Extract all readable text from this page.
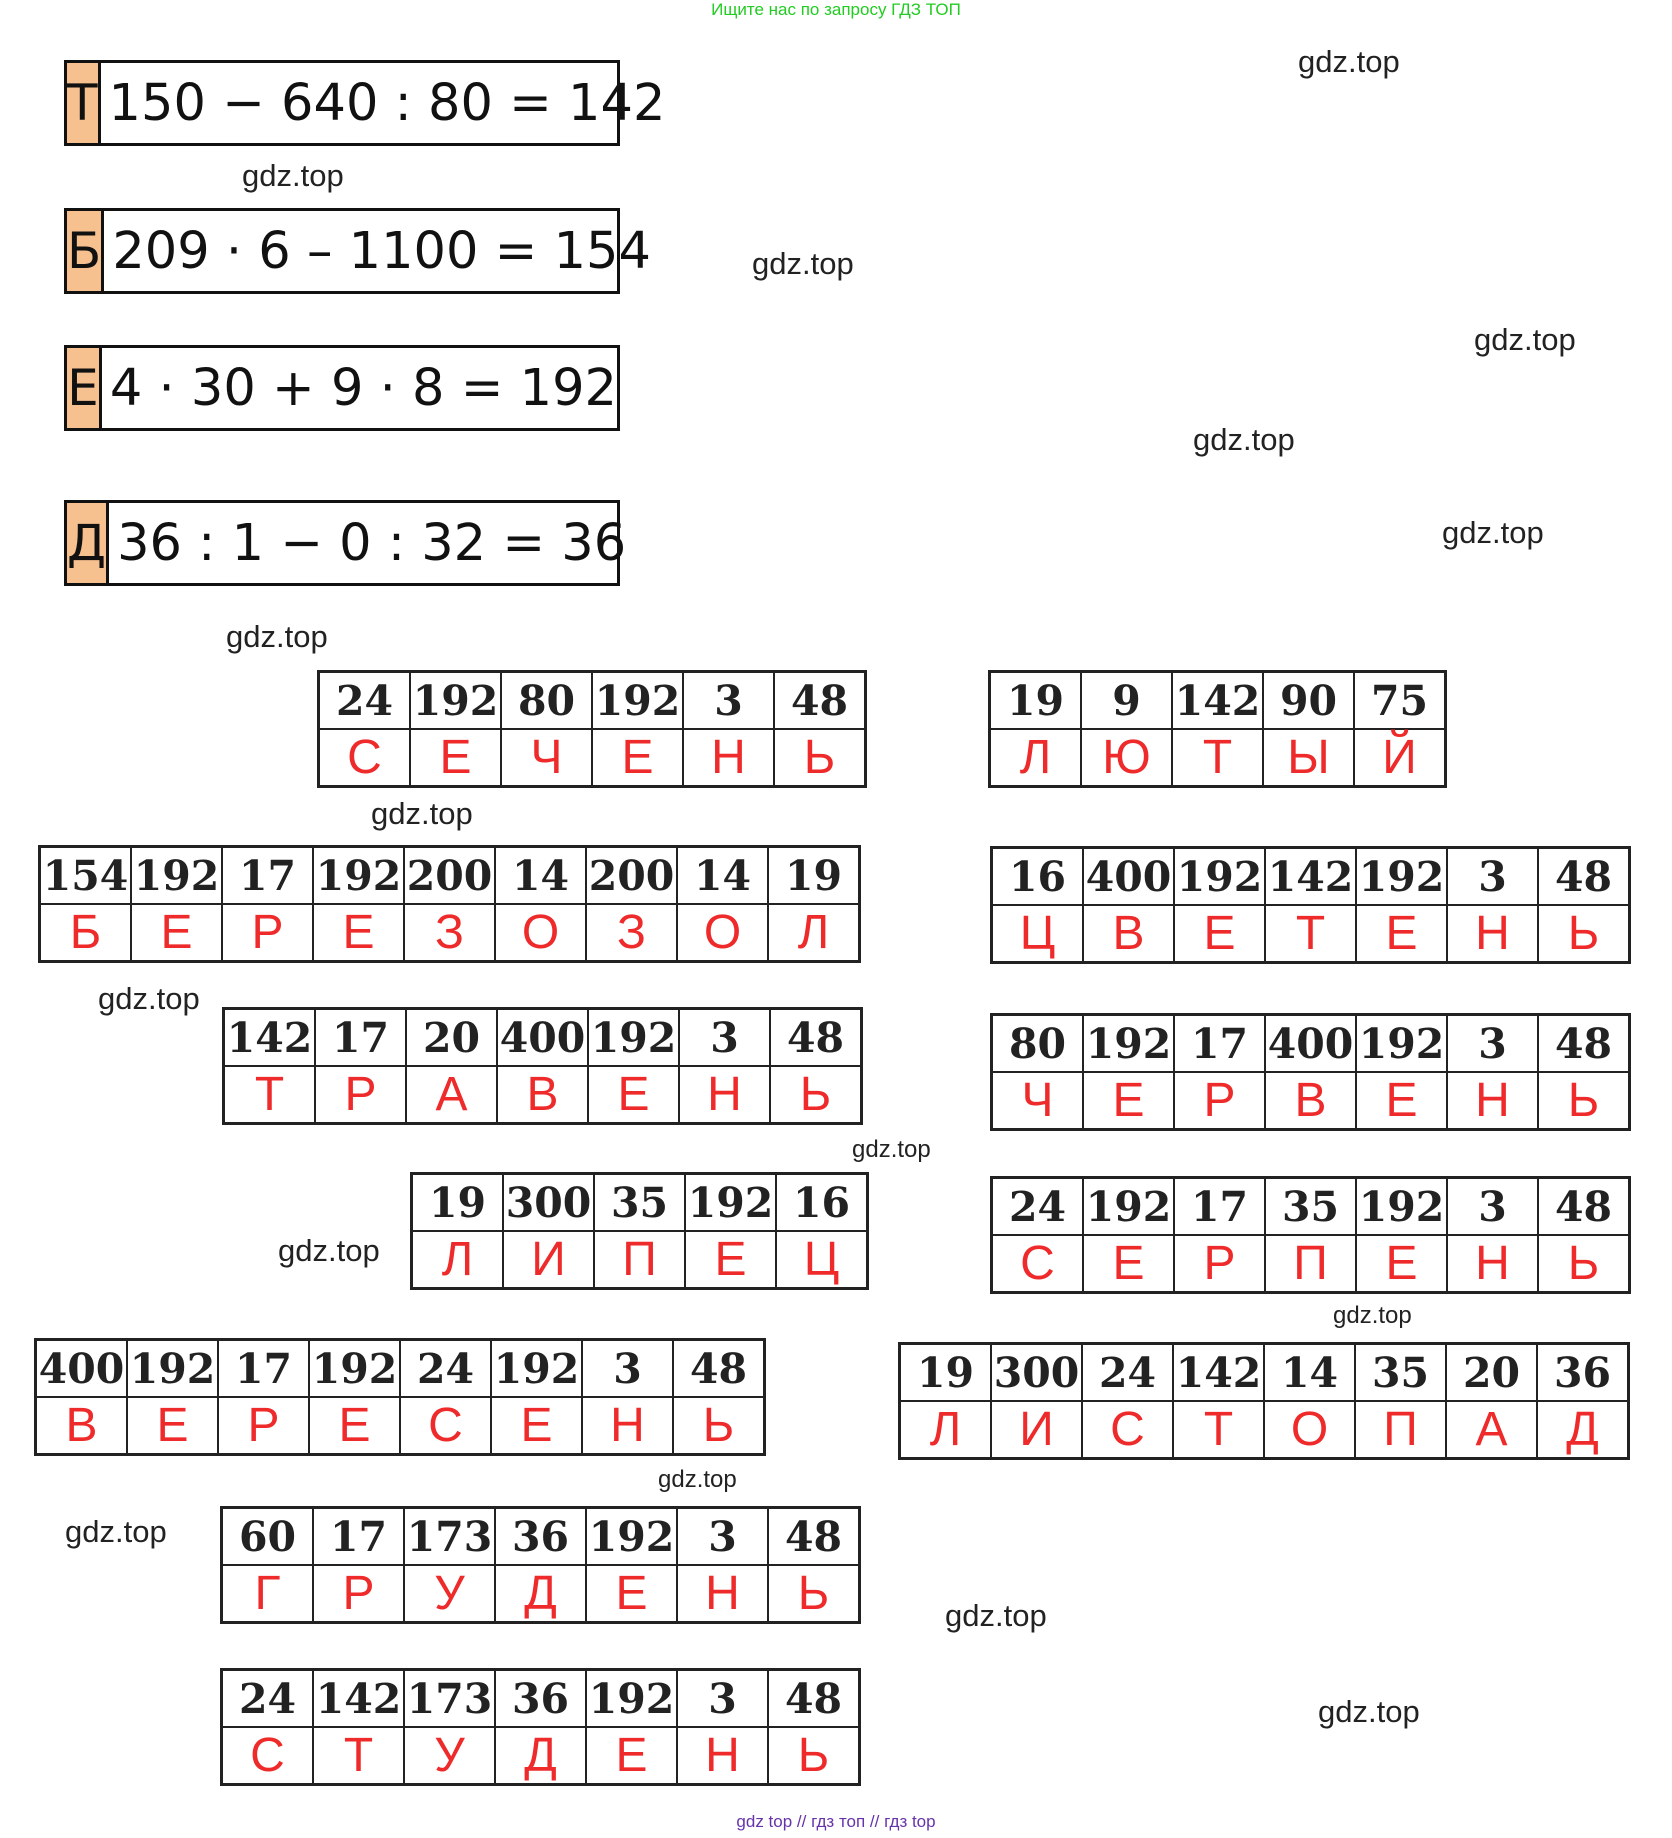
Ищите нас по запросу ГДЗ ТОП
Т 150 − 640 : 80 = 142
Б 209 · 6 – 1100 = 154
Е 4 · 30 + 9 · 8 = 192
Д 36 : 1 − 0 : 32 = 36
gdz.top
gdz.top
gdz.top
gdz.top
gdz.top
gdz.top
gdz.top
gdz.top
gdz.top
gdz.top
gdz.top
gdz.top
gdz.top
gdz.top
gdz.top
gdz.top
24	192	80	192	3	48
С	Е	Ч	Е	Н	Ь
19	9	142	90	75
Л	Ю	Т	Ы	Й
154	192	17	192	200	14	200	14	19
Б	Е	Р	Е	З	О	З	О	Л
16	400	192	142	192	3	48
Ц	В	Е	Т	Е	Н	Ь
142	17	20	400	192	3	48
Т	Р	А	В	Е	Н	Ь
80	192	17	400	192	3	48
Ч	Е	Р	В	Е	Н	Ь
19	300	35	192	16
Л	И	П	Е	Ц
24	192	17	35	192	3	48
С	Е	Р	П	Е	Н	Ь
400	192	17	192	24	192	3	48
В	Е	Р	Е	С	Е	Н	Ь
19	300	24	142	14	35	20	36
Л	И	С	Т	О	П	А	Д
60	17	173	36	192	3	48
Г	Р	У	Д	Е	Н	Ь
24	142	173	36	192	3	48
С	Т	У	Д	Е	Н	Ь
gdz top // гдз топ // гдз top
